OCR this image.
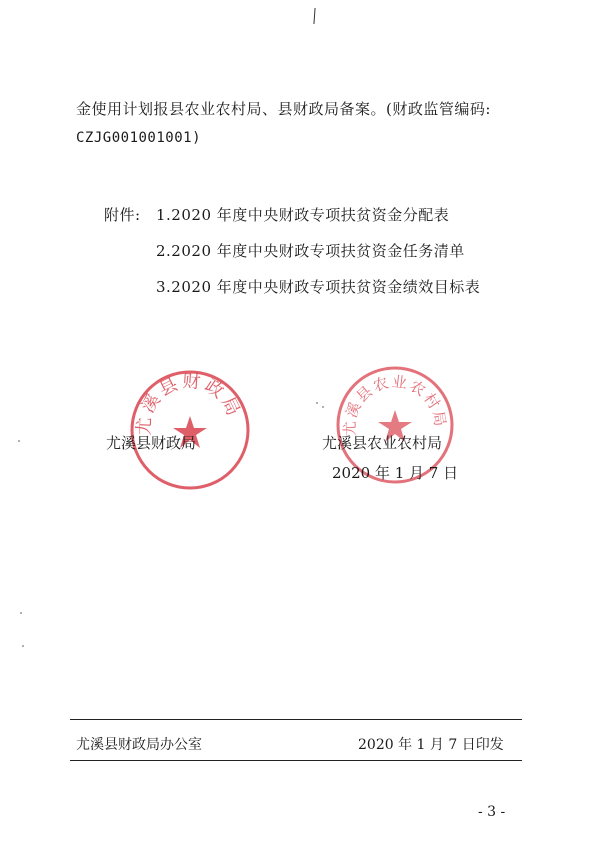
金使用计划报县农业农村局、县财政局备案。(财政监管编码:
CZJG001001001)
附件: 1.2020 年度中央财政专项扶贫资金分配表
2.2020 年度中央财政专项扶贫资金任务清单
3.2020 年度中央财政专项扶贫资金绩效目标表
尤溪县财政局
尤溪县农业农村局
尤溪县财政局	尤溪县农业农村局
2020 年 1 月 7 日
尤溪县财政局办公室	2020 年 1 月 7 日印发
- 3 -
